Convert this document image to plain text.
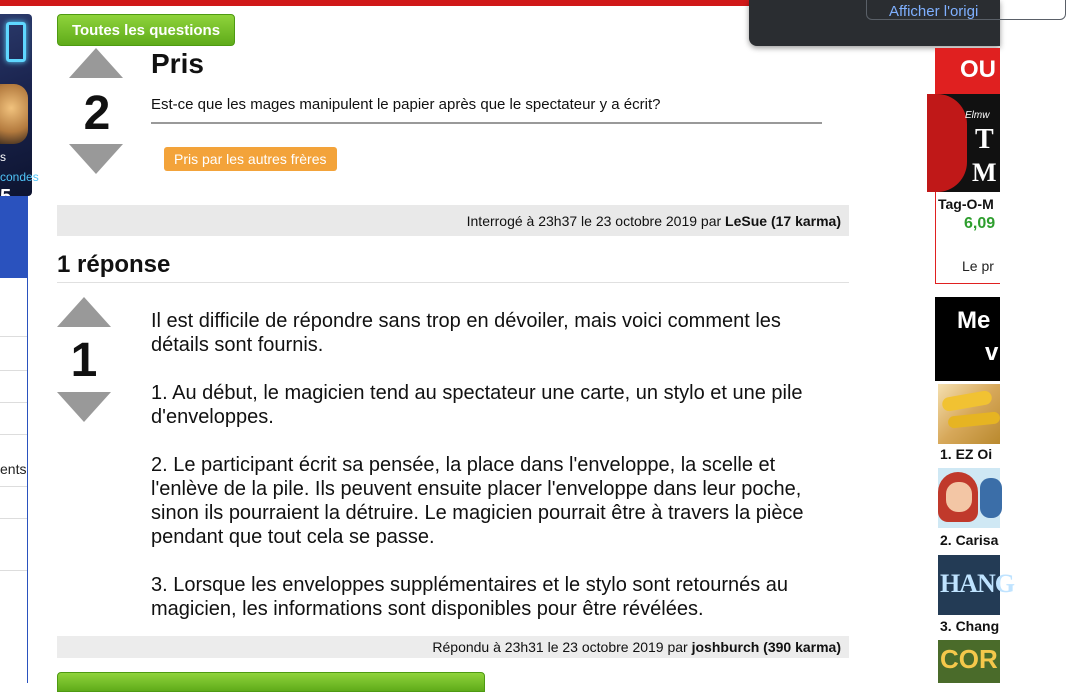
s
condes
ents
Toutes les questions
2
Pris
Est-ce que les mages manipulent le papier après que le spectateur y a écrit?
Pris par les autres frères
Interrogé à 23h37 le 23 octobre 2019 par LeSue (17 karma)
1 réponse
1

Il est difficile de répondre sans trop en dévoiler, mais voici comment les détails sont fournis.

1. Au début, le magicien tend au spectateur une carte, un stylo et une pile d'enveloppes.

2. Le participant écrit sa pensée, la place dans l'enveloppe, la scelle et l'enlève de la pile. Ils peuvent ensuite placer l'enveloppe dans leur poche, sinon ils pourraient la détruire. Le magicien pourrait être à travers la pièce pendant que tout cela se passe.

3. Lorsque les enveloppes supplémentaires et le stylo sont retournés au magicien, les informations sont disponibles pour être révélées.

Répondu à 23h31 le 23 octobre 2019 par joshburch (390 karma)
Afficher l'origi
OU
Elmw
T
M
Tag-O-M
6,09
Le pr
Me
v
1. EZ Oi
2. Carisa
HANG
3. Chang
COR
